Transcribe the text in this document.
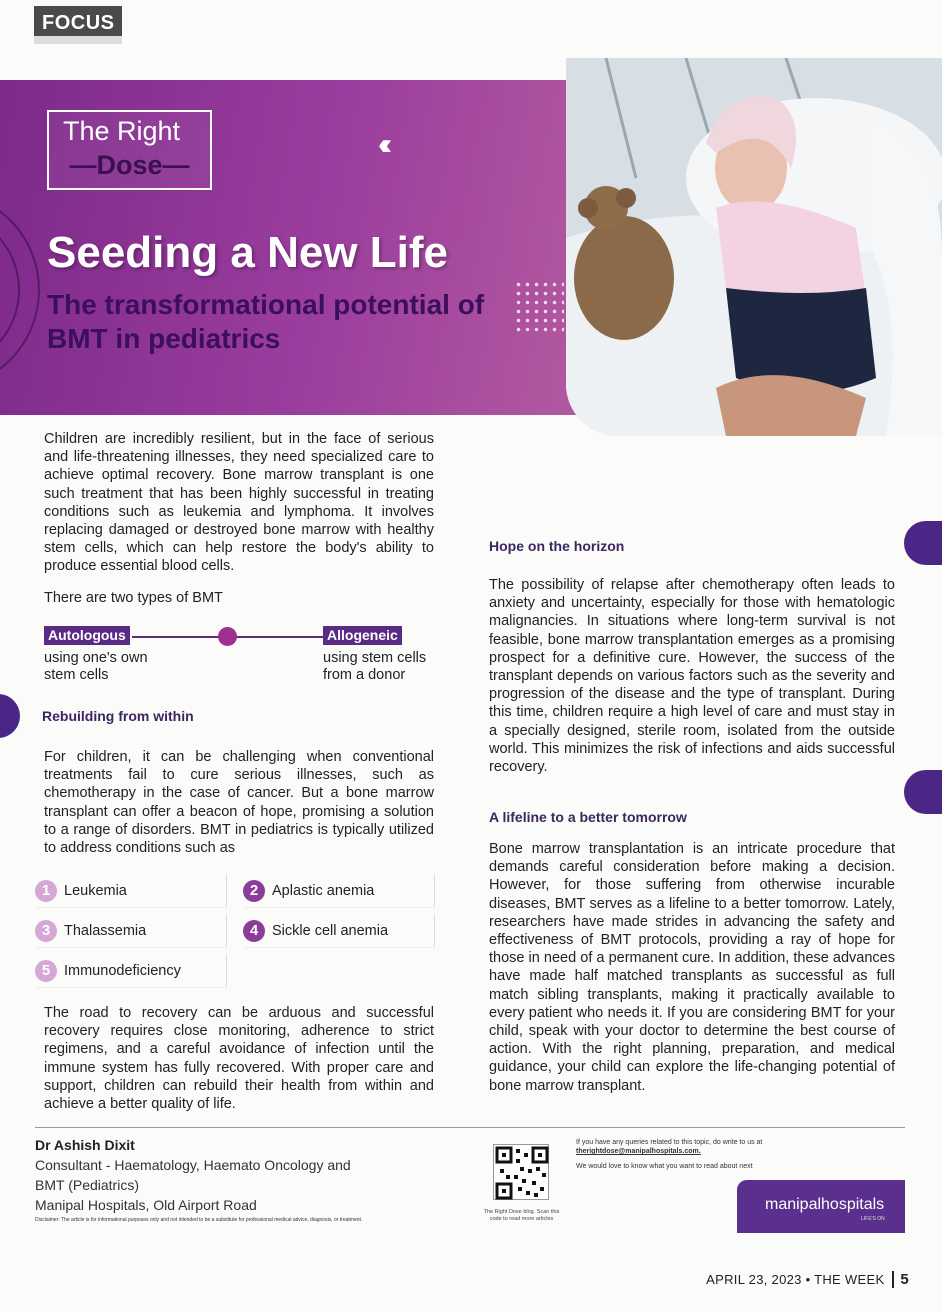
FOCUS
The Right
—Dose—
‹‹‹
Seeding a New Life
The transformational potential of BMT in pediatrics
Children are incredibly resilient, but in the face of serious and life-threatening illnesses, they need specialized care to achieve optimal recovery. Bone marrow transplant is one such treatment that has been highly successful in treating conditions such as leukemia and lymphoma. It involves replacing damaged or destroyed bone marrow with healthy stem cells, which can help restore the body's ability to produce essential blood cells.
There are two types of BMT
Autologous
using one's own stem cells
Allogeneic
using stem cells from a donor
Rebuilding from within
For children, it can be challenging when conventional treatments fail to cure serious illnesses, such as chemotherapy in the case of cancer. But a bone marrow transplant can offer a beacon of hope, promising a solution to a range of disorders. BMT in pediatrics is typically utilized to address conditions such as
1 Leukemia	2 Aplastic anemia
3 Thalassemia	4 Sickle cell anemia
5 Immunodeficiency
The road to recovery can be arduous and successful recovery requires close monitoring, adherence to strict regimens, and a careful avoidance of infection until the immune system has fully recovered. With proper care and support, children can rebuild their health from within and achieve a better quality of life.
Hope on the horizon
The possibility of relapse after chemotherapy often leads to anxiety and uncertainty, especially for those with hematologic malignancies. In situations where long-term survival is not feasible, bone marrow transplantation emerges as a promising prospect for a definitive cure. However, the success of the transplant depends on various factors such as the severity and progression of the disease and the type of transplant. During this time, children require a high level of care and must stay in a specially designed, sterile room, isolated from the outside world. This minimizes the risk of infections and aids successful recovery.
A lifeline to a better tomorrow
Bone marrow transplantation is an intricate procedure that demands careful consideration before making a decision. However, for those suffering from otherwise incurable diseases, BMT serves as a lifeline to a better tomorrow. Lately, researchers have made strides in advancing the safety and effectiveness of BMT protocols, providing a ray of hope for those in need of a permanent cure. In addition, these advances have made half matched transplants as successful as full match sibling transplants, making it practically available to every patient who needs it. If you are considering BMT for your child, speak with your doctor to determine the best course of action. With the right planning, preparation, and medical guidance, your child can explore the life-changing potential of bone marrow transplant.
Dr Ashish Dixit
Consultant - Haematology, Haemato Oncology and
BMT (Pediatrics)
Manipal Hospitals, Old Airport Road
Disclaimer: The article is for informational purposes only and not intended to be a substitute for professional medical advice, diagnosis, or treatment.
The Right Dose blog. Scan this code to read more articles
If you have any queries related to this topic, do write to us at
therightdose@manipalhospitals.com.
We would love to know what you want to read about next
manipalhospitals
LIFE'S ON
APRIL 23, 2023 • THE WEEK 5
